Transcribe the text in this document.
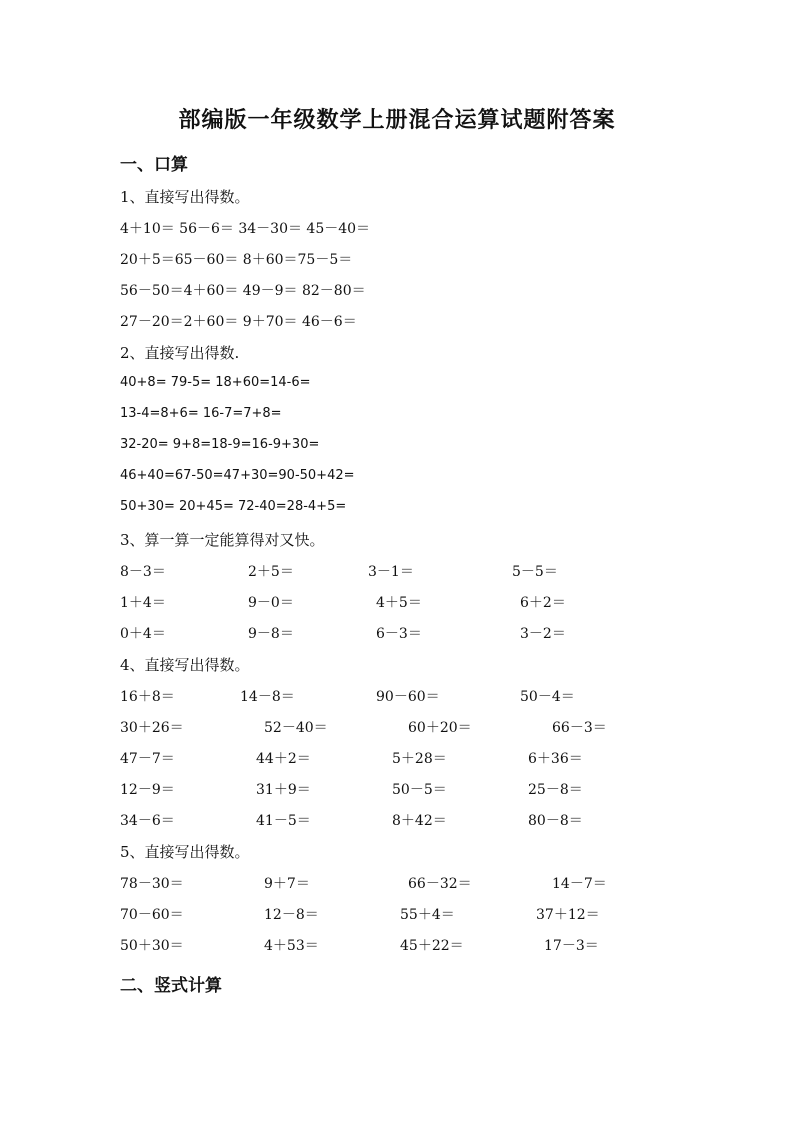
部编版一年级数学上册混合运算试题附答案
一、口算
1、直接写出得数。
4＋10＝ 56－6＝ 34－30＝ 45－40＝
20＋5＝65－60＝ 8＋60＝75－5＝
56－50＝4＋60＝ 49－9＝ 82－80＝
27－20＝2＋60＝ 9＋70＝ 46－6＝
2、直接写出得数.
40+8= 79-5= 18+60=14-6=
13-4=8+6= 16-7=7+8=
32-20= 9+8=18-9=16-9+30=
46+40=67-50=47+30=90-50+42=
50+30= 20+45= 72-40=28-4+5=
3、算一算一定能算得对又快。
8－3＝	2＋5＝	3－1＝	5－5＝
1＋4＝	9－0＝	4＋5＝	6＋2＝
0＋4＝	9－8＝	6－3＝	3－2＝
4、直接写出得数。
16＋8＝	14－8＝	90－60＝	50－4＝
30＋26＝	52－40＝	60＋20＝	66－3＝
47－7＝	44＋2＝	5＋28＝	6＋36＝
12－9＝	31＋9＝	50－5＝	25－8＝
34－6＝	41－5＝	8＋42＝	80－8＝
5、直接写出得数。
78－30＝	9＋7＝	66－32＝	14－7＝
70－60＝	12－8＝	55＋4＝	37＋12＝
50＋30＝	4＋53＝	45＋22＝	17－3＝
二、竖式计算
